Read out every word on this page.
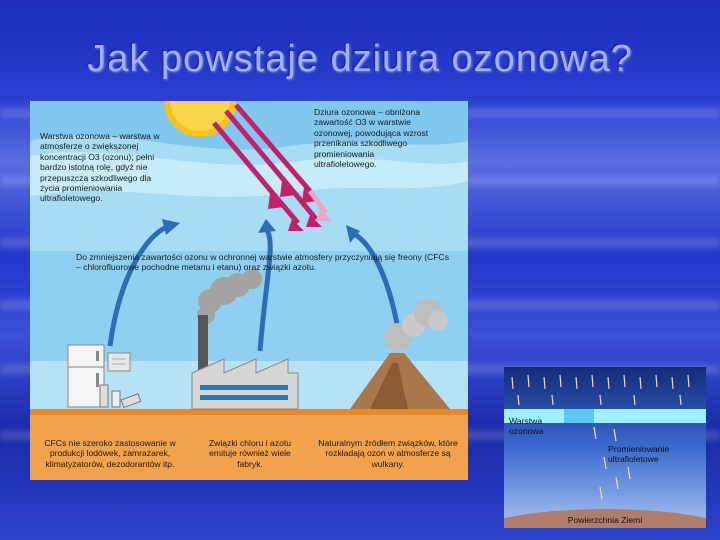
Jak powstaje dziura ozonowa?
Warstwa ozonowa – warstwa w atmosferze o zwiększonej koncentracji O3 (ozonu); pełni bardzo istotną rolę, gdyż nie przepuszcza szkodliwego dla życia promieniowania ultrafioletowego.
Dziura ozonowa – obniżona zawartość O3 w warstwie ozonowej, powodująca wzrost przenikania szkodliwego promieniowania ultrafioletowego.
Do zmniejszenia zawartości ozonu w ochronnej warstwie atmosfery przyczyniają się freony (CFCs – chlorofluorowe pochodne metanu i etanu) oraz związki azotu.
CFCs nie szeroko zastosowanie w produkcji lodówek, zamrażarek, klimatyzatorów, dezodorantów itp.
Związki chloru i azotu emituje również wiele fabryk.
Naturalnym źródłem związków, które rozkładają ozon w atmosferze są wulkany.
Warstwa ozonowa
Promieniowanie ultrafioletowe
Powierzchnia Ziemi
